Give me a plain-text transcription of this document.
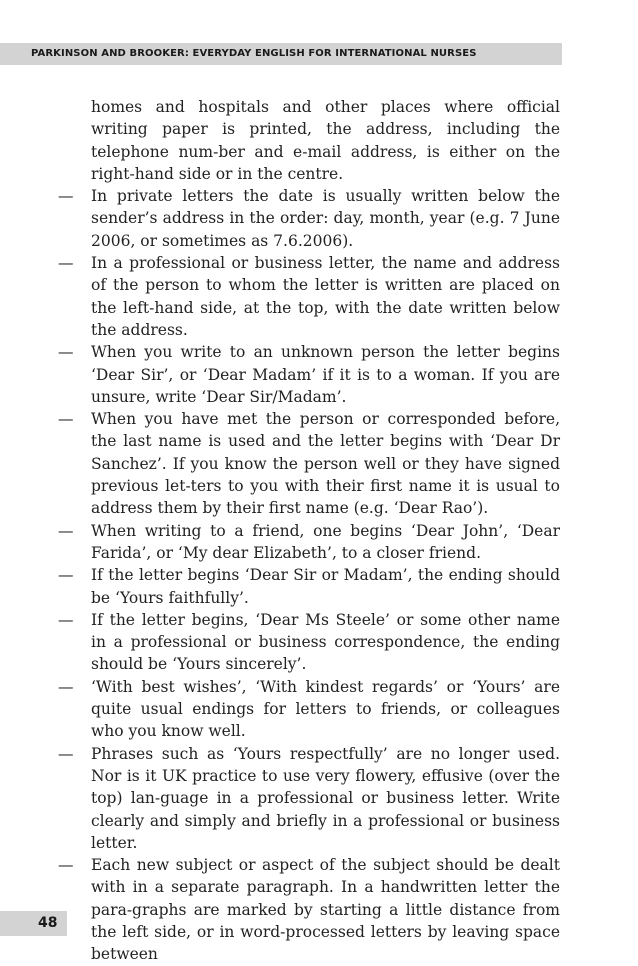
PARKINSON AND BROOKER: EVERYDAY ENGLISH FOR INTERNATIONAL NURSES

homes and hospitals and other places where official writing paper is printed, the address, including the telephone num-ber and e-mail address, is either on the right-hand side or in the centre.

—	In private letters the date is usually written below the sender’s address in the order: day, month, year (e.g. 7 June 2006, or sometimes as 7.6.2006).
—	In a professional or business letter, the name and address of the person to whom the letter is written are placed on the left-hand side, at the top, with the date written below the address.
—	When you write to an unknown person the letter begins ‘Dear Sir’, or ‘Dear Madam’ if it is to a woman. If you are unsure, write ‘Dear Sir/Madam’.
—	When you have met the person or corresponded before, the last name is used and the letter begins with ‘Dear Dr Sanchez’. If you know the person well or they have signed previous let-ters to you with their first name it is usual to address them by their first name (e.g. ‘Dear Rao’).
—	When writing to a friend, one begins ‘Dear John’, ‘Dear Farida’, or ‘My dear Elizabeth’, to a closer friend.
—	If the letter begins ‘Dear Sir or Madam’, the ending should be ‘Yours faithfully’.
—	If the letter begins, ‘Dear Ms Steele’ or some other name in a professional or business correspondence, the ending should be ‘Yours sincerely’.
—	‘With best wishes’, ‘With kindest regards’ or ‘Yours’ are quite usual endings for letters to friends, or colleagues who you know well.
—	Phrases such as ‘Yours respectfully’ are no longer used. Nor is it UK practice to use very flowery, effusive (over the top) lan-guage in a professional or business letter. Write clearly and simply and briefly in a professional or business letter.
—	Each new subject or aspect of the subject should be dealt with in a separate paragraph. In a handwritten letter the para-graphs are marked by starting a little distance from the left side, or in word-processed letters by leaving space between
48
